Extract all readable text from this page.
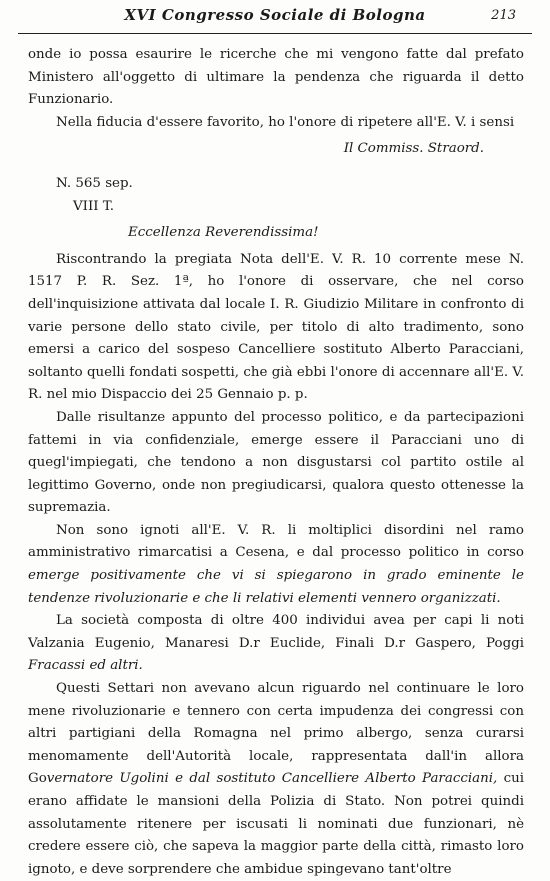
XVI Congresso Sociale di Bologna	213

onde io possa esaurire le ricerche che mi vengono fatte dal prefato Ministero all'oggetto di ultimare la pendenza che riguarda il detto Funzionario.

Nella fiducia d'essere favorito, ho l'onore di ripetere all'E. V. i sensi

Il Commiss. Straord.

N. 565 sep.

VIII T.

Eccellenza Reverendissima!

Riscontrando la pregiata Nota dell'E. V. R. 10 corrente mese N. 1517 P. R. Sez. 1ª, ho l'onore di osservare, che nel corso dell'inquisizione attivata dal locale I. R. Giudizio Militare in confronto di varie persone dello stato civile, per titolo di alto tradimento, sono emersi a carico del sospeso Cancelliere sostituto Alberto Paracciani, soltanto quelli fondati sospetti, che già ebbi l'onore di accennare all'E. V. R. nel mio Dispaccio dei 25 Gennaio p. p.

Dalle risultanze appunto del processo politico, e da partecipazioni fattemi in via confidenziale, emerge essere il Paracciani uno di quegl'impiegati, che tendono a non disgustarsi col partito ostile al legittimo Governo, onde non pregiudicarsi, qualora questo ottenesse la supremazia.

Non sono ignoti all'E. V. R. li moltiplici disordini nel ramo amministrativo rimarcatisi a Cesena, e dal processo politico in corso emerge positivamente che vi si spiegarono in grado eminente le tendenze rivoluzionarie e che li relativi elementi vennero organizzati.

La società composta di oltre 400 individui avea per capi li noti Valzania Eugenio, Manaresi D.r Euclide, Finali D.r Gaspero, Poggi Fracassi ed altri.

Questi Settari non avevano alcun riguardo nel continuare le loro mene rivoluzionarie e tennero con certa impudenza dei congressi con altri partigiani della Romagna nel primo albergo, senza curarsi menomamente dell'Autorità locale, rappresentata dall'in allora Governatore Ugolini e dal sostituto Cancelliere Alberto Paracciani, cui erano affidate le mansioni della Polizia di Stato. Non potrei quindi assolutamente ritenere per iscusati li nominati due funzionari, nè credere essere ciò, che sapeva la maggior parte della città, rimasto loro ignoto, e deve sorprendere che ambidue spingevano tant'oltre
